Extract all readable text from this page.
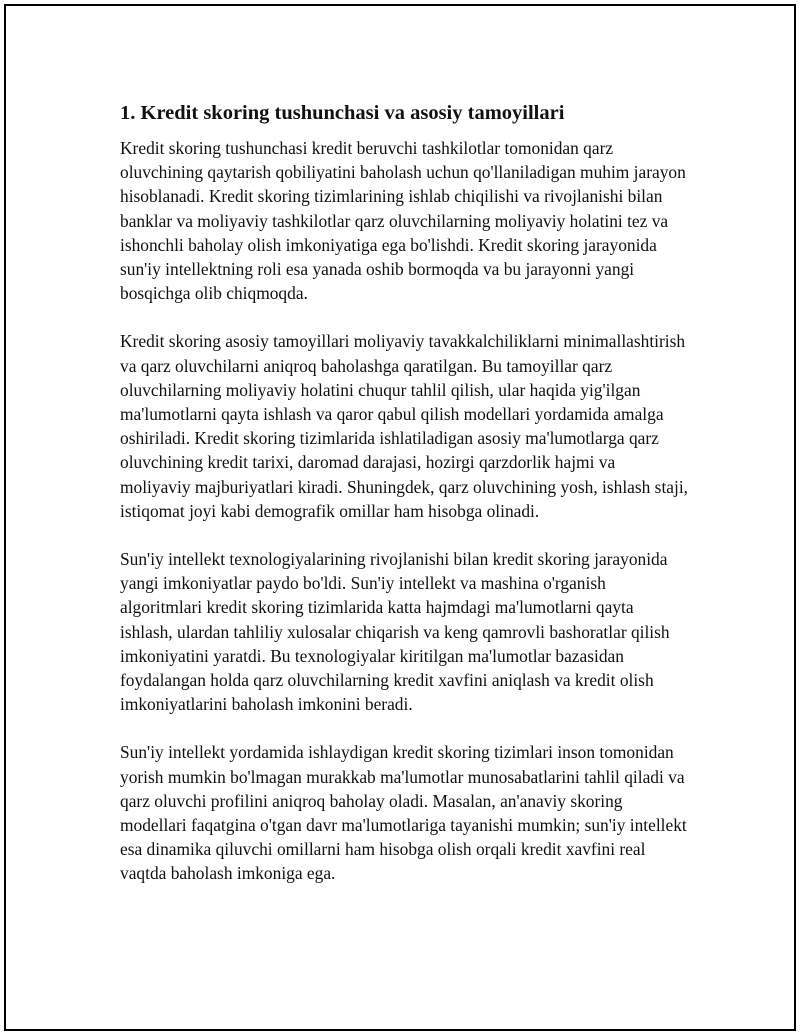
1. Kredit skoring tushunchasi va asosiy tamoyillari

Kredit skoring tushunchasi kredit beruvchi tashkilotlar tomonidan qarz oluvchining qaytarish qobiliyatini baholash uchun qo'llaniladigan muhim jarayon hisoblanadi. Kredit skoring tizimlarining ishlab chiqilishi va rivojlanishi bilan banklar va moliyaviy tashkilotlar qarz oluvchilarning moliyaviy holatini tez va ishonchli baholay olish imkoniyatiga ega bo'lishdi. Kredit skoring jarayonida sun'iy intellektning roli esa yanada oshib bormoqda va bu jarayonni yangi bosqichga olib chiqmoqda.

Kredit skoring asosiy tamoyillari moliyaviy tavakkalchiliklarni minimallashtirish va qarz oluvchilarni aniqroq baholashga qaratilgan. Bu tamoyillar qarz oluvchilarning moliyaviy holatini chuqur tahlil qilish, ular haqida yig'ilgan ma'lumotlarni qayta ishlash va qaror qabul qilish modellari yordamida amalga oshiriladi. Kredit skoring tizimlarida ishlatiladigan asosiy ma'lumotlarga qarz oluvchining kredit tarixi, daromad darajasi, hozirgi qarzdorlik hajmi va moliyaviy majburiyatlari kiradi. Shuningdek, qarz oluvchining yosh, ishlash staji, istiqomat joyi kabi demografik omillar ham hisobga olinadi.

Sun'iy intellekt texnologiyalarining rivojlanishi bilan kredit skoring jarayonida yangi imkoniyatlar paydo bo'ldi. Sun'iy intellekt va mashina o'rganish algoritmlari kredit skoring tizimlarida katta hajmdagi ma'lumotlarni qayta ishlash, ulardan tahliliy xulosalar chiqarish va keng qamrovli bashoratlar qilish imkoniyatini yaratdi. Bu texnologiyalar kiritilgan ma'lumotlar bazasidan foydalangan holda qarz oluvchilarning kredit xavfini aniqlash va kredit olish imkoniyatlarini baholash imkonini beradi.

Sun'iy intellekt yordamida ishlaydigan kredit skoring tizimlari inson tomonidan yorish mumkin bo'lmagan murakkab ma'lumotlar munosabatlarini tahlil qiladi va qarz oluvchi profilini aniqroq baholay oladi. Masalan, an'anaviy skoring modellari faqatgina o'tgan davr ma'lumotlariga tayanishi mumkin; sun'iy intellekt esa dinamika qiluvchi omillarni ham hisobga olish orqali kredit xavfini real vaqtda baholash imkoniga ega.
